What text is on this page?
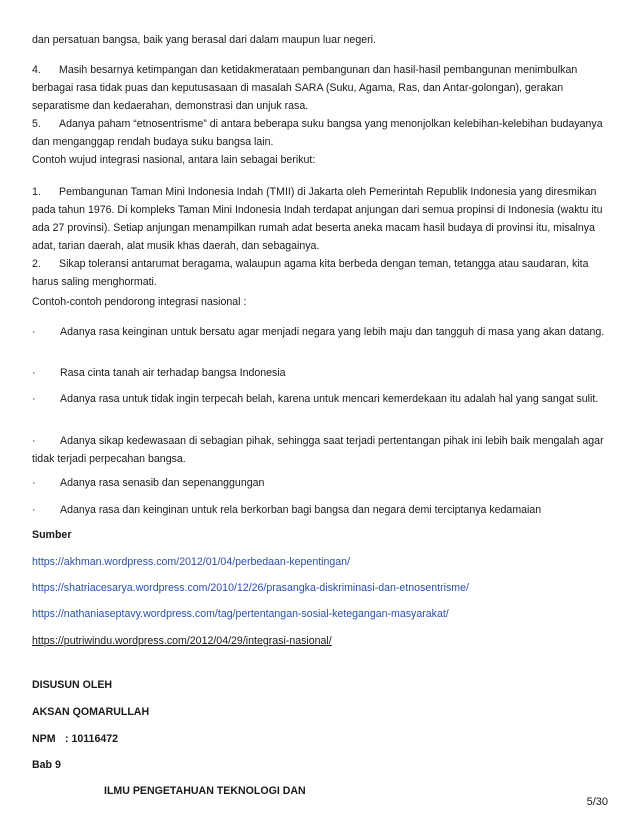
dan persatuan bangsa, baik yang berasal dari dalam maupun luar negeri.

4. Masih besarnya ketimpangan dan ketidakmerataan pembangunan dan hasil-hasil pembangunan menimbulkan berbagai rasa tidak puas dan keputusasaan di masalah SARA (Suku, Agama, Ras, dan Antar-golongan), gerakan separatisme dan kedaerahan, demonstrasi dan unjuk rasa.

5. Adanya paham “etnosentrisme” di antara beberapa suku bangsa yang menonjolkan kelebihan-kelebihan budayanya dan menganggap rendah budaya suku bangsa lain.

Contoh wujud integrasi nasional, antara lain sebagai berikut:

1. Pembangunan Taman Mini Indonesia Indah (TMII) di Jakarta oleh Pemerintah Republik Indonesia yang diresmikan pada tahun 1976. Di kompleks Taman Mini Indonesia Indah terdapat anjungan dari semua propinsi di Indonesia (waktu itu ada 27 provinsi). Setiap anjungan menampilkan rumah adat beserta aneka macam hasil budaya di provinsi itu, misalnya adat, tarian daerah, alat musik khas daerah, dan sebagainya.

2. Sikap toleransi antarumat beragama, walaupun agama kita berbeda dengan teman, tetangga atau saudaran, kita harus saling menghormati.

Contoh-contoh pendorong integrasi nasional :

· Adanya rasa keinginan untuk bersatu agar menjadi negara yang lebih maju dan tangguh di masa yang akan datang.

· Rasa cinta tanah air terhadap bangsa Indonesia

· Adanya rasa untuk tidak ingin terpecah belah, karena untuk mencari kemerdekaan itu adalah hal yang sangat sulit.

· Adanya sikap kedewasaan di sebagian pihak, sehingga saat terjadi pertentangan pihak ini lebih baik mengalah agar tidak terjadi perpecahan bangsa.

· Adanya rasa senasib dan sepenanggungan

· Adanya rasa dan keinginan untuk rela berkorban bagi bangsa dan negara demi terciptanya kedamaian

Sumber

https://akhman.wordpress.com/2012/01/04/perbedaan-kepentingan/

https://shatriacesarya.wordpress.com/2010/12/26/prasangka-diskriminasi-dan-etnosentrisme/

https://nathaniaseptavy.wordpress.com/tag/pertentangan-sosial-ketegangan-masyarakat/

https://putriwindu.wordpress.com/2012/04/29/integrasi-nasional/

DISUSUN OLEH

AKSAN QOMARULLAH

NPM : 10116472

Bab 9

ILMU PENGETAHUAN TEKNOLOGI DAN

5/30
